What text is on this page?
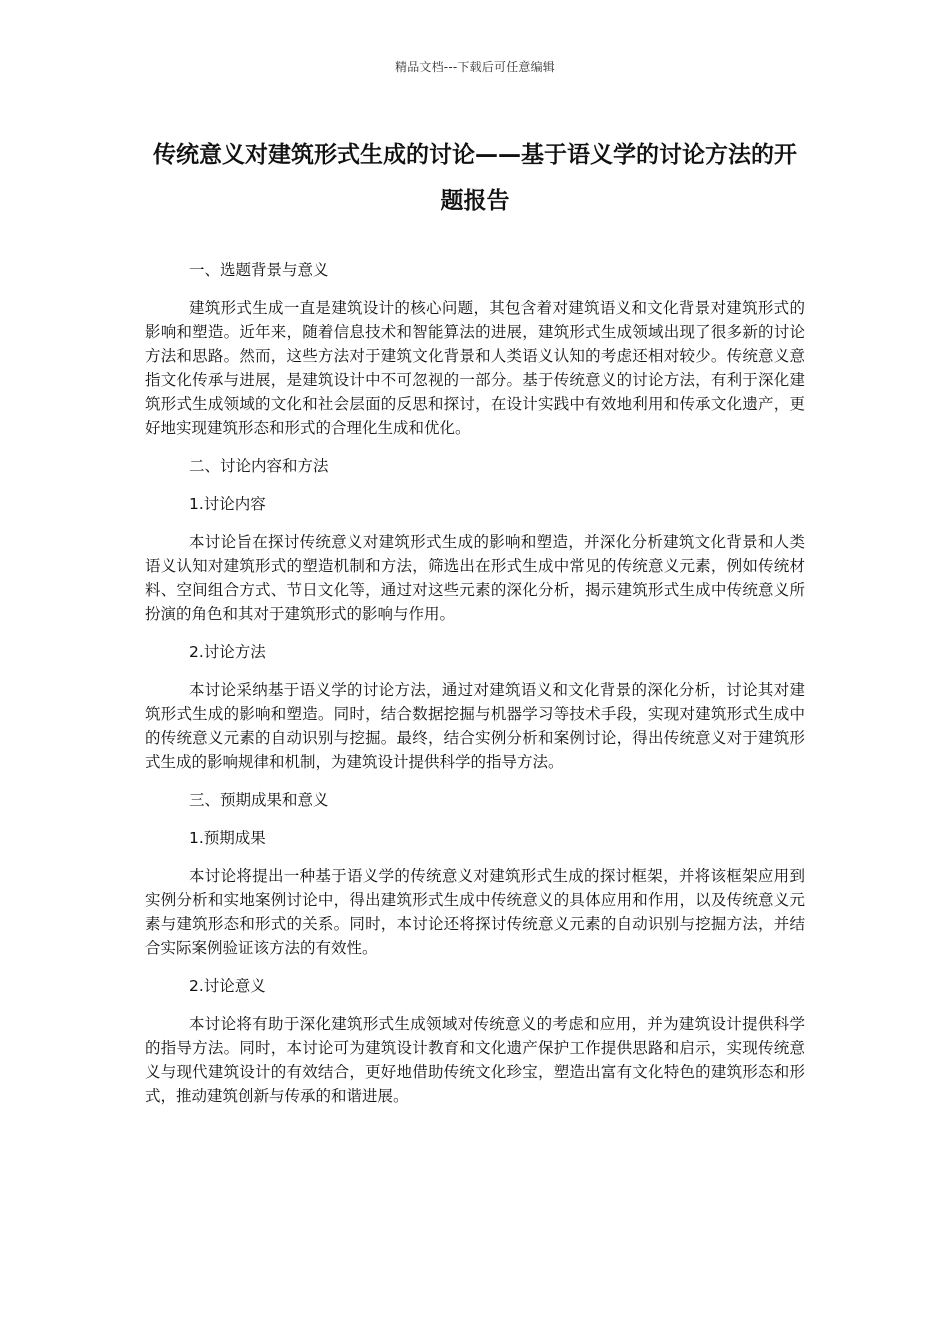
精品文档---下载后可任意编辑
传统意义对建筑形式生成的讨论——基于语义学的讨论方法的开题报告

一、选题背景与意义

建筑形式生成一直是建筑设计的核心问题，其包含着对建筑语义和文化背景对建筑形式的影响和塑造。近年来，随着信息技术和智能算法的进展，建筑形式生成领域出现了很多新的讨论方法和思路。然而，这些方法对于建筑文化背景和人类语义认知的考虑还相对较少。传统意义意指文化传承与进展，是建筑设计中不可忽视的一部分。基于传统意义的讨论方法，有利于深化建筑形式生成领域的文化和社会层面的反思和探讨，在设计实践中有效地利用和传承文化遗产，更好地实现建筑形态和形式的合理化生成和优化。

二、讨论内容和方法

1.讨论内容

本讨论旨在探讨传统意义对建筑形式生成的影响和塑造，并深化分析建筑文化背景和人类语义认知对建筑形式的塑造机制和方法，筛选出在形式生成中常见的传统意义元素，例如传统材料、空间组合方式、节日文化等，通过对这些元素的深化分析，揭示建筑形式生成中传统意义所扮演的角色和其对于建筑形式的影响与作用。

2.讨论方法

本讨论采纳基于语义学的讨论方法，通过对建筑语义和文化背景的深化分析，讨论其对建筑形式生成的影响和塑造。同时，结合数据挖掘与机器学习等技术手段，实现对建筑形式生成中的传统意义元素的自动识别与挖掘。最终，结合实例分析和案例讨论，得出传统意义对于建筑形式生成的影响规律和机制，为建筑设计提供科学的指导方法。

三、预期成果和意义

1.预期成果

本讨论将提出一种基于语义学的传统意义对建筑形式生成的探讨框架，并将该框架应用到实例分析和实地案例讨论中，得出建筑形式生成中传统意义的具体应用和作用，以及传统意义元素与建筑形态和形式的关系。同时，本讨论还将探讨传统意义元素的自动识别与挖掘方法，并结合实际案例验证该方法的有效性。

2.讨论意义

本讨论将有助于深化建筑形式生成领域对传统意义的考虑和应用，并为建筑设计提供科学的指导方法。同时，本讨论可为建筑设计教育和文化遗产保护工作提供思路和启示，实现传统意义与现代建筑设计的有效结合，更好地借助传统文化珍宝，塑造出富有文化特色的建筑形态和形式，推动建筑创新与传承的和谐进展。
